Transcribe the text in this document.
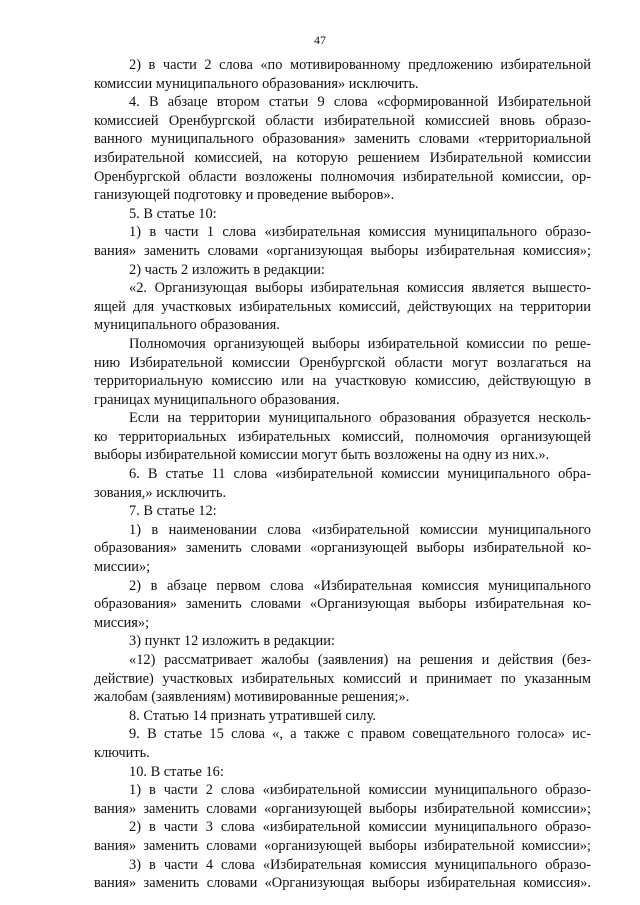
47
2) в части 2 слова «по мотивированному предложению избирательной
комиссии муниципального образования» исключить.
4. В абзаце втором статьи 9 слова «сформированной Избирательной
комиссией Оренбургской области избирательной комиссией вновь образо-
ванного муниципального образования» заменить словами «территориальной
избирательной комиссией, на которую решением Избирательной комиссии
Оренбургской области возложены полномочия избирательной комиссии, ор-
ганизующей подготовку и проведение выборов».
5. В статье 10:
1) в части 1 слова «избирательная комиссия муниципального образо-
вания» заменить словами «организующая выборы избирательная комиссия»;
2) часть 2 изложить в редакции:
«2. Организующая выборы избирательная комиссия является вышесто-
ящей для участковых избирательных комиссий, действующих на территории
муниципального образования.
Полномочия организующей выборы избирательной комиссии по реше-
нию Избирательной комиссии Оренбургской области могут возлагаться на
территориальную комиссию или на участковую комиссию, действующую в
границах муниципального образования.
Если на территории муниципального образования образуется несколь-
ко территориальных избирательных комиссий, полномочия организующей
выборы избирательной комиссии могут быть возложены на одну из них.».
6. В статье 11 слова «избирательной комиссии муниципального обра-
зования,» исключить.
7. В статье 12:
1) в наименовании слова «избирательной комиссии муниципального
образования» заменить словами «организующей выборы избирательной ко-
миссии»;
2) в абзаце первом слова «Избирательная комиссия муниципального
образования» заменить словами «Организующая выборы избирательная ко-
миссия»;
3) пункт 12 изложить в редакции:
«12) рассматривает жалобы (заявления) на решения и действия (без-
действие) участковых избирательных комиссий и принимает по указанным
жалобам (заявлениям) мотивированные решения;».
8. Статью 14 признать утратившей силу.
9. В статье 15 слова «, а также с правом совещательного голоса» ис-
ключить.
10. В статье 16:
1) в части 2 слова «избирательной комиссии муниципального образо-
вания» заменить словами «организующей выборы избирательной комиссии»;
2) в части 3 слова «избирательной комиссии муниципального образо-
вания» заменить словами «организующей выборы избирательной комиссии»;
3) в части 4 слова «Избирательная комиссия муниципального образо-
вания» заменить словами «Организующая выборы избирательная комиссия».
